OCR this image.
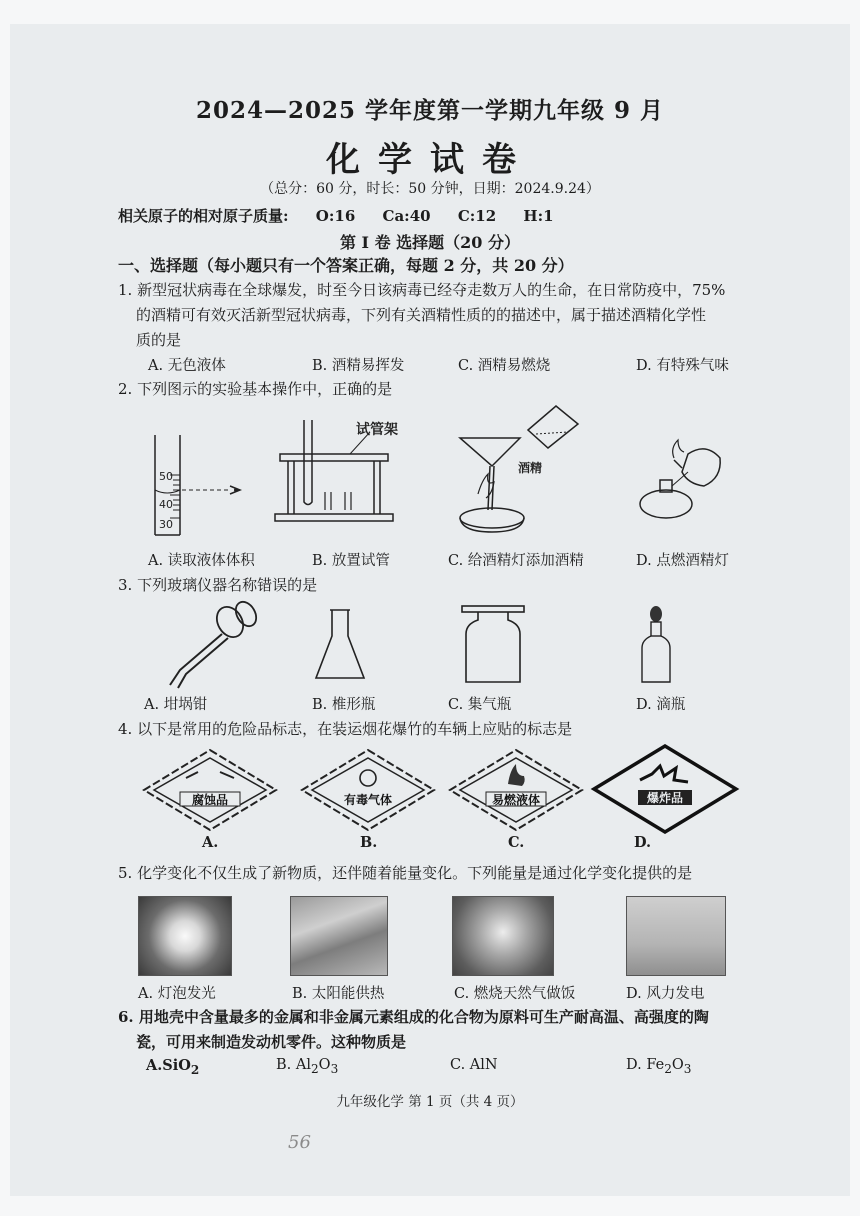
2024—2025 学年度第一学期九年级 9 月
化学试卷
（总分：60 分，时长：50 分钟，日期：2024.9.24）
相关原子的相对原子质量: O:16 Ca:40 C:12 H:1
第 I 卷 选择题（20 分）
一、选择题（每小题只有一个答案正确，每题 2 分，共 20 分）
1. 新型冠状病毒在全球爆发，时至今日该病毒已经夺走数万人的生命，在日常防疫中，75%
的酒精可有效灭活新型冠状病毒，下列有关酒精性质的的描述中，属于描述酒精化学性
质的是
A. 无色液体	B. 酒精易挥发	C. 酒精易燃烧	D. 有特殊气味
2. 下列图示的实验基本操作中，正确的是
50
40
30
试管架
酒精
A. 读取液体体积	B. 放置试管	C. 给酒精灯添加酒精	D. 点燃酒精灯
3. 下列玻璃仪器名称错误的是
A. 坩埚钳	B. 椎形瓶	C. 集气瓶	D. 滴瓶
4. 以下是常用的危险品标志，在装运烟花爆竹的车辆上应贴的标志是
腐蚀品	有毒气体	易燃液体	爆炸品
A.	B.	C.	D.
5. 化学变化不仅生成了新物质，还伴随着能量变化。下列能量是通过化学变化提供的是
A. 灯泡发光	B. 太阳能供热	C. 燃烧天然气做饭	D. 风力发电
6. 用地壳中含量最多的金属和非金属元素组成的化合物为原料可生产耐高温、高强度的陶
瓷，可用来制造发动机零件。这种物质是
A.SiO$_2$	B. $Al_2O_3$	C. AlN	D. $Fe_2O_3$
九年级化学 第 1 页（共 4 页）
56
